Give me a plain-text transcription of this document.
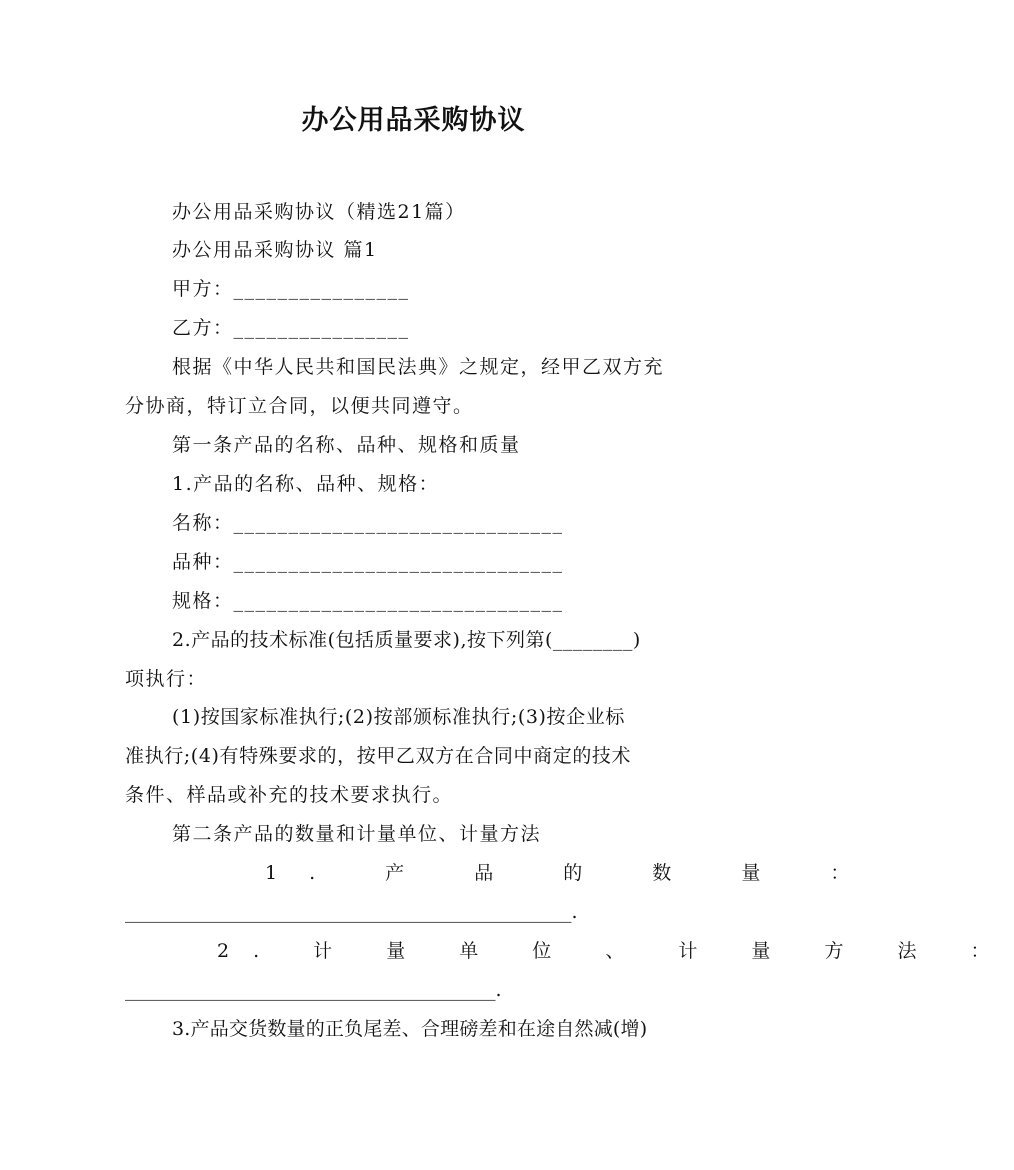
办公用品采购协议
办公用品采购协议（精选21篇）
办公用品采购协议 篇1
甲方：________________
乙方：________________
根据《中华人民共和国民法典》之规定，经甲乙双方充
分协商，特订立合同，以便共同遵守。
第一条产品的名称、品种、规格和质量
1.产品的名称、品种、规格：
名称：______________________________
品种：______________________________
规格：______________________________
2.产品的技术标准(包括质量要求),按下列第(________)
项执行：
(1)按国家标准执行;(2)按部颁标准执行;(3)按企业标
准执行;(4)有特殊要求的，按甲乙双方在合同中商定的技术
条件、样品或补充的技术要求执行。
第二条产品的数量和计量单位、计量方法
1. 产 品 的 数 量 ：
_______________________________________________.
2. 计 量 单 位 、 计 量 方 法 ：
_______________________________________.
3.产品交货数量的正负尾差、合理磅差和在途自然减(增)
